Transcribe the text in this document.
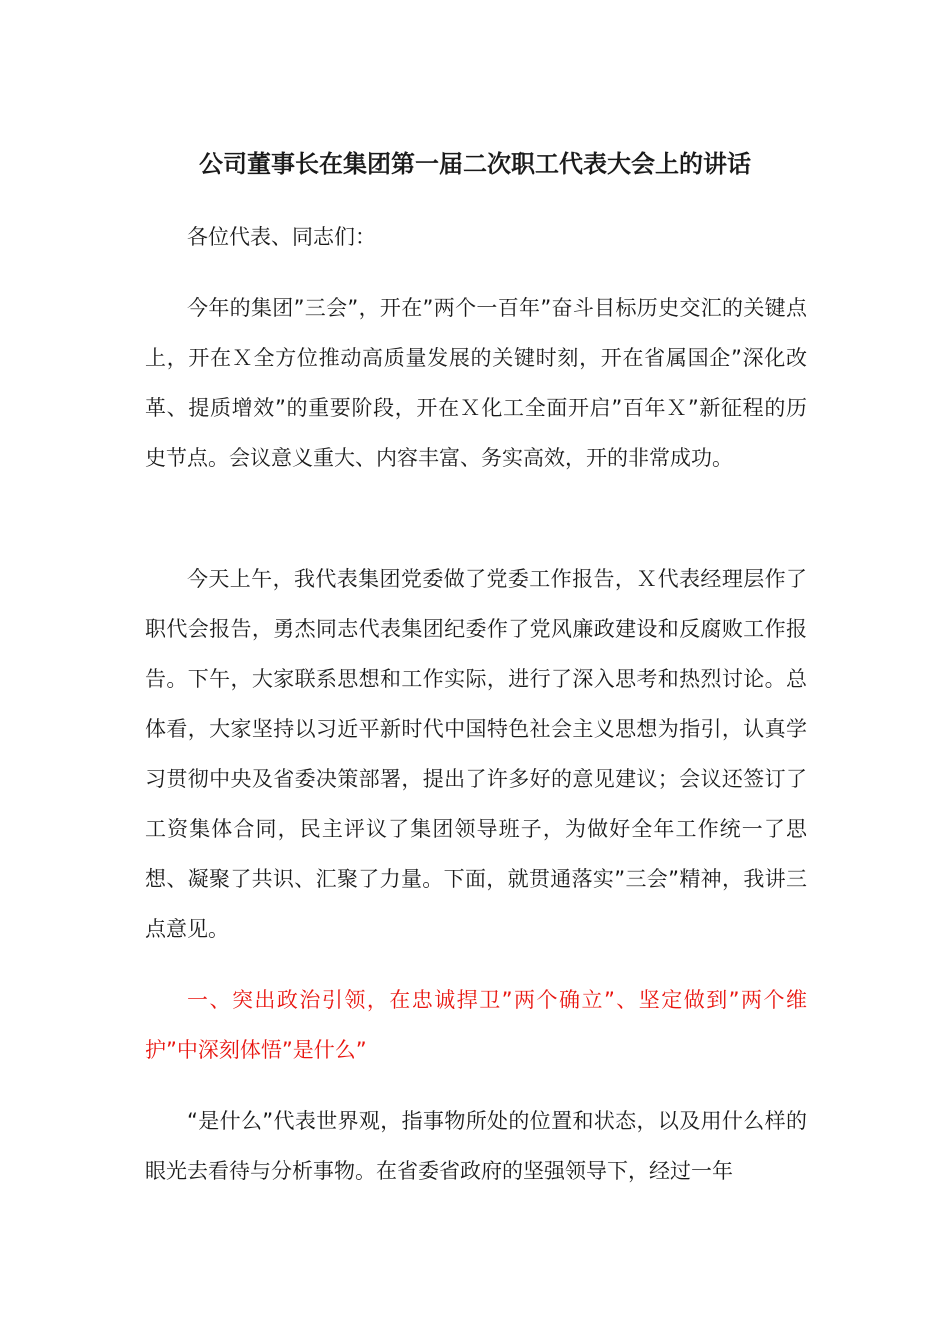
公司董事长在集团第一届二次职工代表大会上的讲话

各位代表、同志们：

今年的集团”三会”，开在”两个一百年”奋斗目标历史交汇的关键点上，开在Ｘ全方位推动高质量发展的关键时刻，开在省属国企”深化改革、提质增效”的重要阶段，开在Ｘ化工全面开启”百年Ｘ”新征程的历史节点。会议意义重大、内容丰富、务实高效，开的非常成功。

今天上午，我代表集团党委做了党委工作报告，Ｘ代表经理层作了职代会报告，勇杰同志代表集团纪委作了党风廉政建设和反腐败工作报告。下午，大家联系思想和工作实际，进行了深入思考和热烈讨论。总体看，大家坚持以习近平新时代中国特色社会主义思想为指引，认真学习贯彻中央及省委决策部署，提出了许多好的意见建议；会议还签订了工资集体合同，民主评议了集团领导班子，为做好全年工作统一了思想、凝聚了共识、汇聚了力量。下面，就贯通落实”三会”精神，我讲三点意见。

一、突出政治引领，在忠诚捍卫”两个确立”、坚定做到”两个维护”中深刻体悟”是什么”

“是什么”代表世界观，指事物所处的位置和状态，以及用什么样的眼光去看待与分析事物。在省委省政府的坚强领导下，经过一年
